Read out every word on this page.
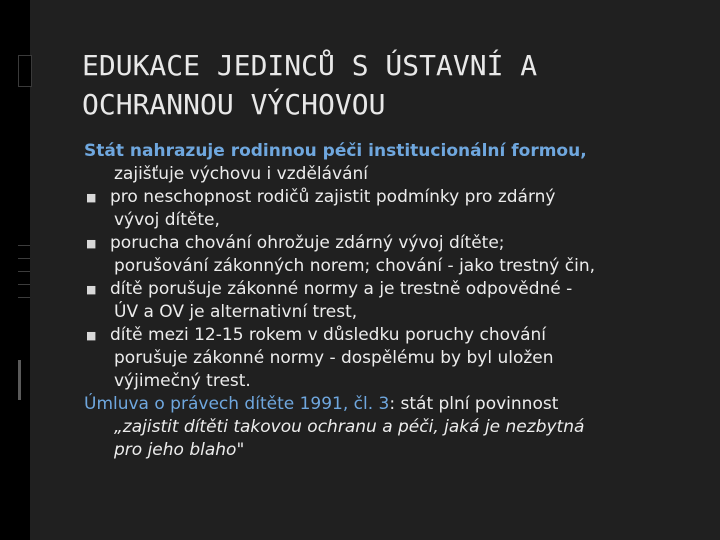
EDUKACE JEDINCŮ S ÚSTAVNÍ A
OCHRANNOU VÝCHOVOU

Stát nahrazuje rodinnou péči institucionální formou,
zajišťuje výchovu i vzdělávání

■ pro neschopnost rodičů zajistit podmínky pro zdárný
vývoj dítěte,
■ porucha chování ohrožuje zdárný vývoj dítěte;
porušování zákonných norem; chování - jako trestný čin,
■ dítě porušuje zákonné normy a je trestně odpovědné -
ÚV a OV je alternativní trest,
■ dítě mezi 12-15 rokem v důsledku poruchy chování
porušuje zákonné normy - dospělému by byl uložen
výjimečný trest.

Úmluva o právech dítěte 1991, čl. 3: stát plní povinnost
„zajistit dítěti takovou ochranu a péči, jaká je nezbytná
pro jeho blaho"
